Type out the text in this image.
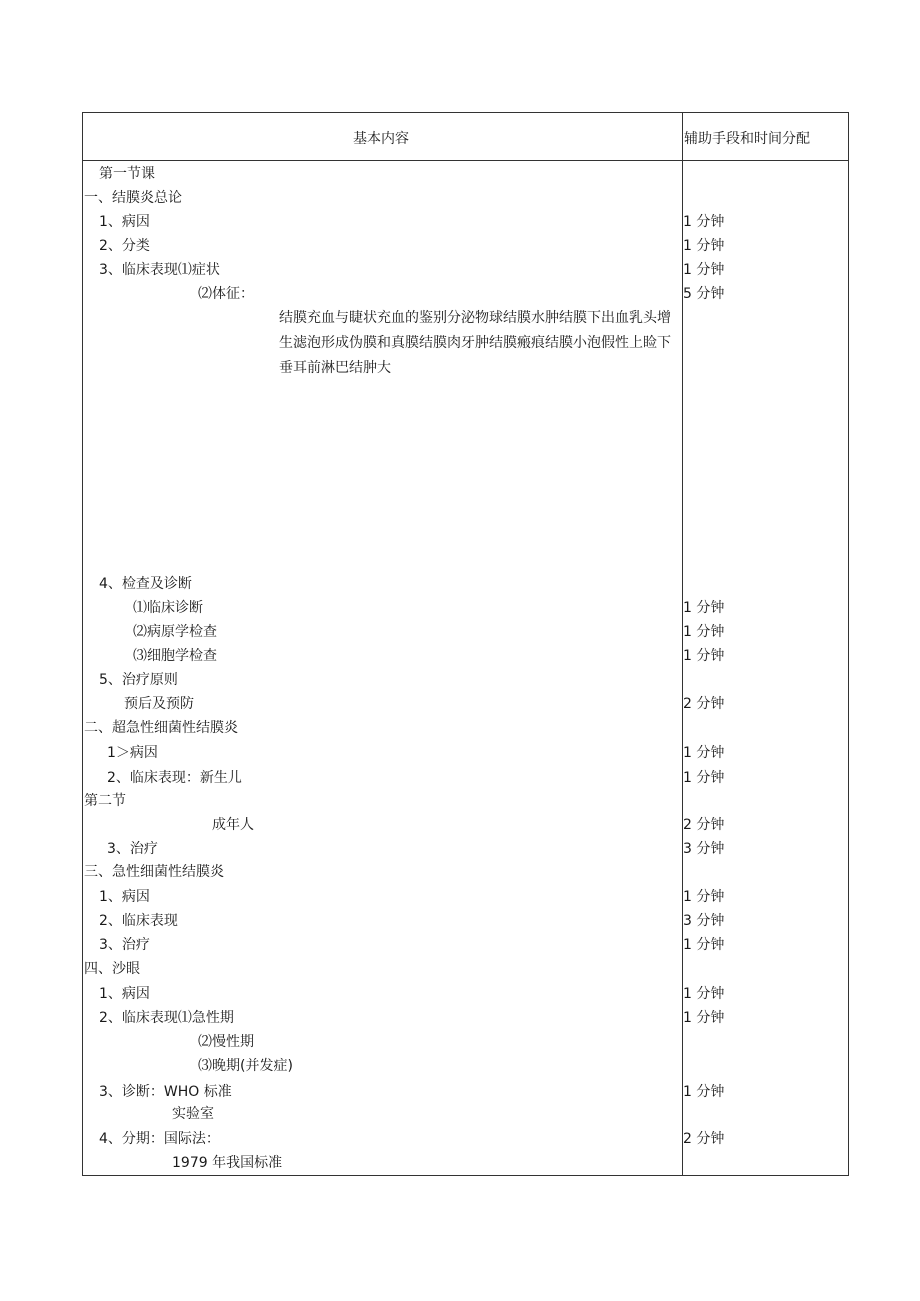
基本内容	辅助手段和时间分配
第一节课
一、结膜炎总论
1、病因	1 分钟
2、分类	1 分钟
3、临床表现⑴症状	1 分钟
⑵体征：	5 分钟
结膜充血与睫状充血的鉴别分泌物球结膜水肿结膜下出血乳头增生滤泡形成伪膜和真膜结膜肉牙肿结膜瘢痕结膜小泡假性上睑下垂耳前淋巴结肿大
4、检查及诊断
⑴临床诊断	1 分钟
⑵病原学检查	1 分钟
⑶细胞学检查	1 分钟
5、治疗原则
预后及预防	2 分钟
二、超急性细菌性结膜炎
1＞病因	1 分钟
2、临床表现：新生儿	1 分钟
第二节
成年人	2 分钟
3、治疗	3 分钟
三、急性细菌性结膜炎
1、病因	1 分钟
2、临床表现	3 分钟
3、治疗	1 分钟
四、沙眼
1、病因	1 分钟
2、临床表现⑴急性期	1 分钟
⑵慢性期
⑶晚期(并发症)
3、诊断：WHO 标准	1 分钟
实验室
4、分期：国际法：	2 分钟
1979 年我国标准
